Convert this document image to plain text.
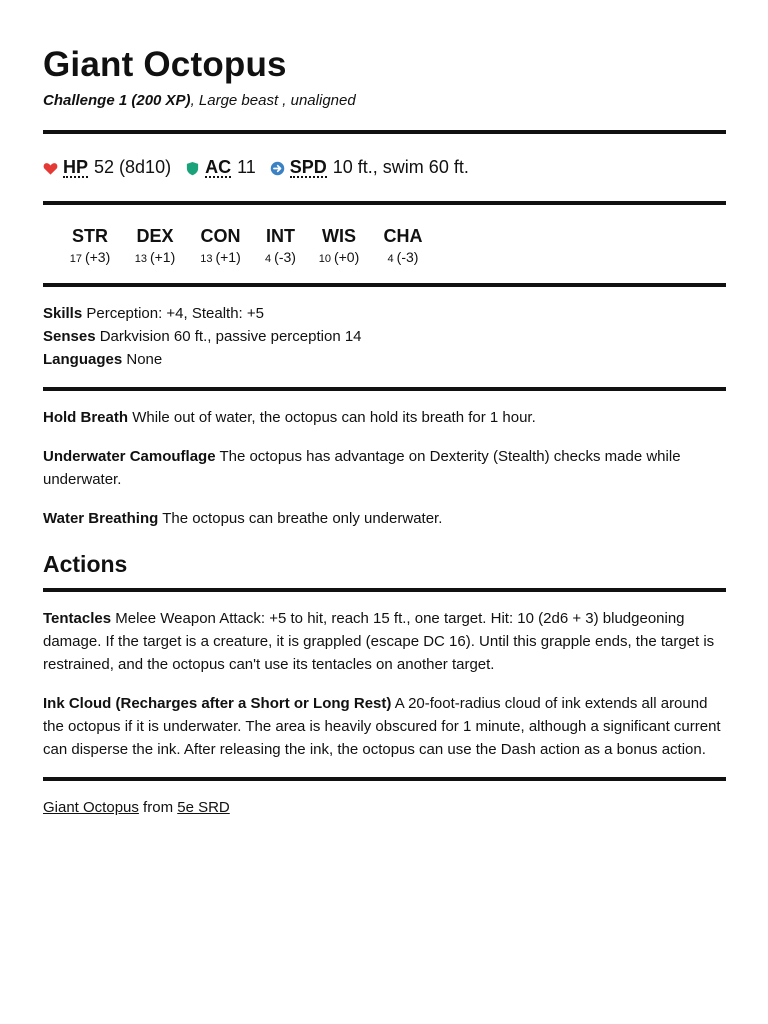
Giant Octopus
Challenge 1 (200 XP), Large beast , unaligned
HP 52 (8d10) AC 11 SPD 10 ft., swim 60 ft.
STR
17 (+3)
DEX
13 (+1)
CON
13 (+1)
INT
4 (-3)
WIS
10 (+0)
CHA
4 (-3)
Skills Perception: +4, Stealth: +5
Senses Darkvision 60 ft., passive perception 14
Languages None

Hold Breath While out of water, the octopus can hold its breath for 1 hour.

Underwater Camouflage The octopus has advantage on Dexterity (Stealth) checks made while underwater.

Water Breathing The octopus can breathe only underwater.

Actions

Tentacles Melee Weapon Attack: +5 to hit, reach 15 ft., one target. Hit: 10 (2d6 + 3) bludgeoning damage. If the target is a creature, it is grappled (escape DC 16). Until this grapple ends, the target is restrained, and the octopus can't use its tentacles on another target.

Ink Cloud (Recharges after a Short or Long Rest) A 20-foot-radius cloud of ink extends all around the octopus if it is underwater. The area is heavily obscured for 1 minute, although a significant current can disperse the ink. After releasing the ink, the octopus can use the Dash action as a bonus action.

Giant Octopus from 5e SRD
